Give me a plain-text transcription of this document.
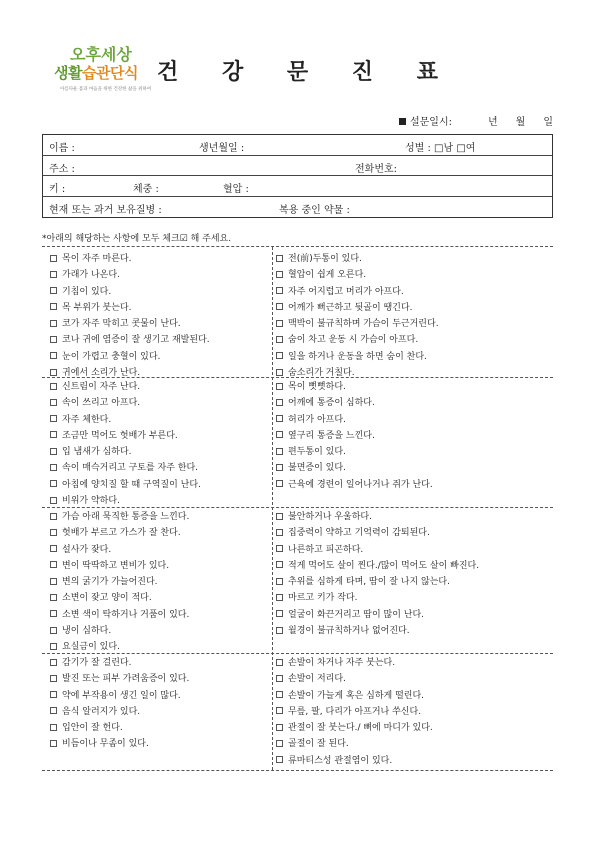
오후세상
생활습관단식
아름다운 몸과 마음을 위한 건강한 삶을 위하여
건 강 문 진 표
설문일시:	년 월 일
이름 :	생년월일 :	성별 : □남 □여
주소 :	전화번호:
키 :	체중 :	혈압 :
현재 또는 과거 보유질병 :	복용 중인 약물 :
*아래의 해당하는 사항에 모두 체크☑ 해 주세요.
목이 자주 마른다.
가래가 나온다.
기침이 있다.
목 부위가 붓는다.
코가 자주 막히고 콧물이 난다.
코나 귀에 염증이 잘 생기고 재발된다.
눈이 가렵고 충혈이 있다.
귀에서 소리가 난다.
전(前)두통이 있다.
혈압이 쉽게 오른다.
자주 어지럽고 머리가 아프다.
어깨가 뻐근하고 뒷골이 땡긴다.
맥박이 불규칙하며 가슴이 두근거린다.
숨이 차고 운동 시 가슴이 아프다.
일을 하거나 운동을 하면 숨이 찬다.
숨소리가 거칠다.
신트림이 자주 난다.
속이 쓰리고 아프다.
자주 체한다.
조금만 먹어도 헛배가 부른다.
입 냄새가 심하다.
속이 매슥거리고 구토를 자주 한다.
아침에 양치질 할 때 구역질이 난다.
비위가 약하다.
목이 뻣뻣하다.
어깨에 통증이 심하다.
허리가 아프다.
옆구리 통증을 느낀다.
편두통이 있다.
불면증이 있다.
근육에 경련이 일어나거나 쥐가 난다.
가슴 아래 묵직한 통증을 느낀다.
헛배가 부르고 가스가 잘 찬다.
설사가 잦다.
변이 딱딱하고 변비가 있다.
변의 굵기가 가늘어진다.
소변이 잦고 양이 적다.
소변 색이 탁하거나 거품이 있다.
냉이 심하다.
요실금이 있다.
불안하거나 우울하다.
집중력이 약하고 기억력이 감퇴된다.
나른하고 피곤하다.
적게 먹어도 살이 찐다./많이 먹어도 살이 빠진다.
추위를 심하게 타며, 땀이 잘 나지 않는다.
마르고 키가 작다.
얼굴이 화끈거리고 땀이 많이 난다.
월경이 불규칙하거나 없어진다.
감기가 잘 걸린다.
발진 또는 피부 가려움증이 있다.
약에 부작용이 생긴 일이 많다.
음식 알러지가 있다.
입안이 잘 헌다.
비듬이나 무좀이 있다.
손발이 차거나 자주 붓는다.
손발이 저리다.
손발이 가늘게 혹은 심하게 떨린다.
무릎, 팔, 다리가 아프거나 쑤신다.
관절이 잘 붓는다./ 뼈에 마디가 있다.
골절이 잘 된다.
류마티스성 관절염이 있다.
